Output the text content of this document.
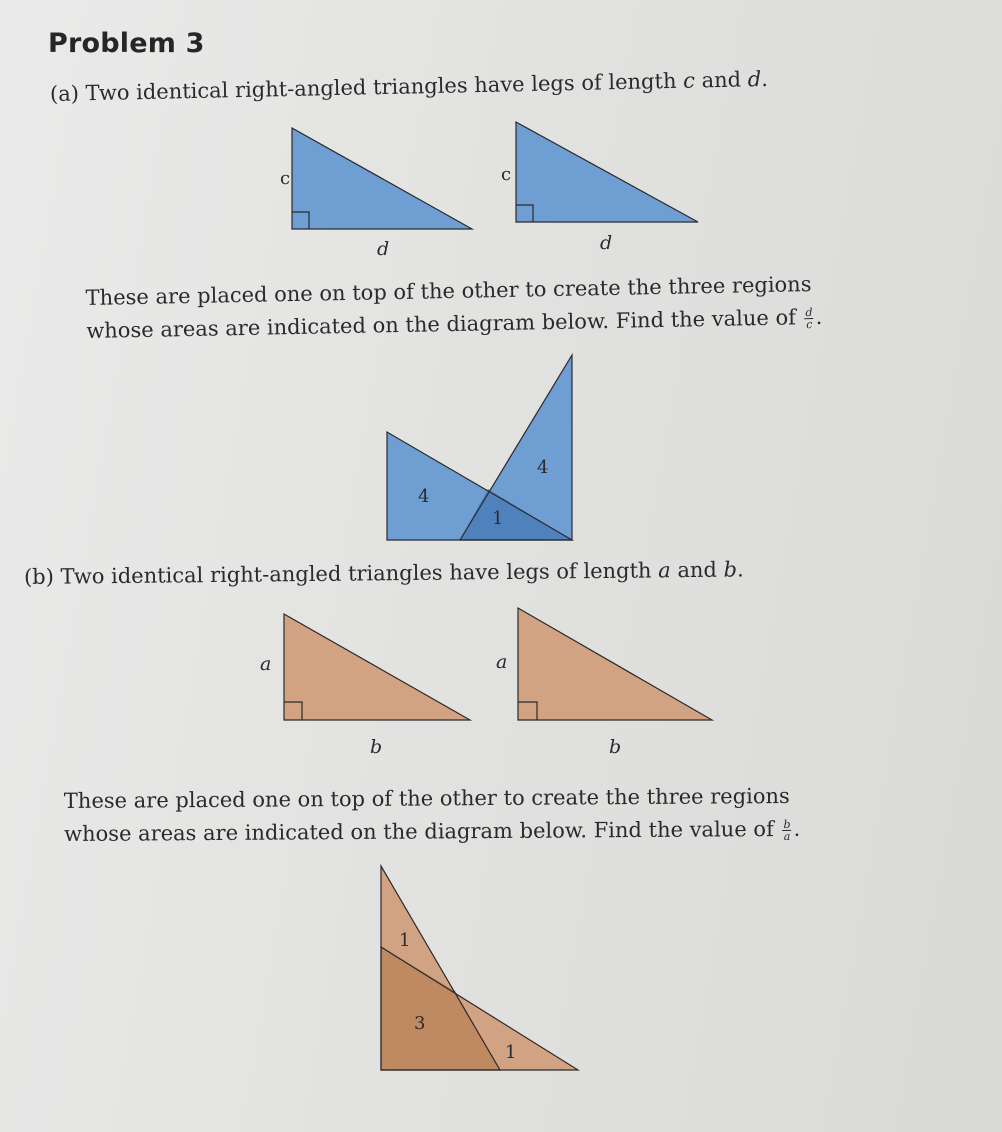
Problem 3
(a) Two identical right-angled triangles have legs of length c and d.
These are placed one on top of the other to create the three regions
whose areas are indicated on the diagram below. Find the value of $\frac{d}{c}$ .
(b) Two identical right-angled triangles have legs of length a and b.
These are placed one on top of the other to create the three regions
whose areas are indicated on the diagram below. Find the value of $\frac{b}{a}$ .
c
d
c
d
4
4
1
a
b
a
b
1
3
1
